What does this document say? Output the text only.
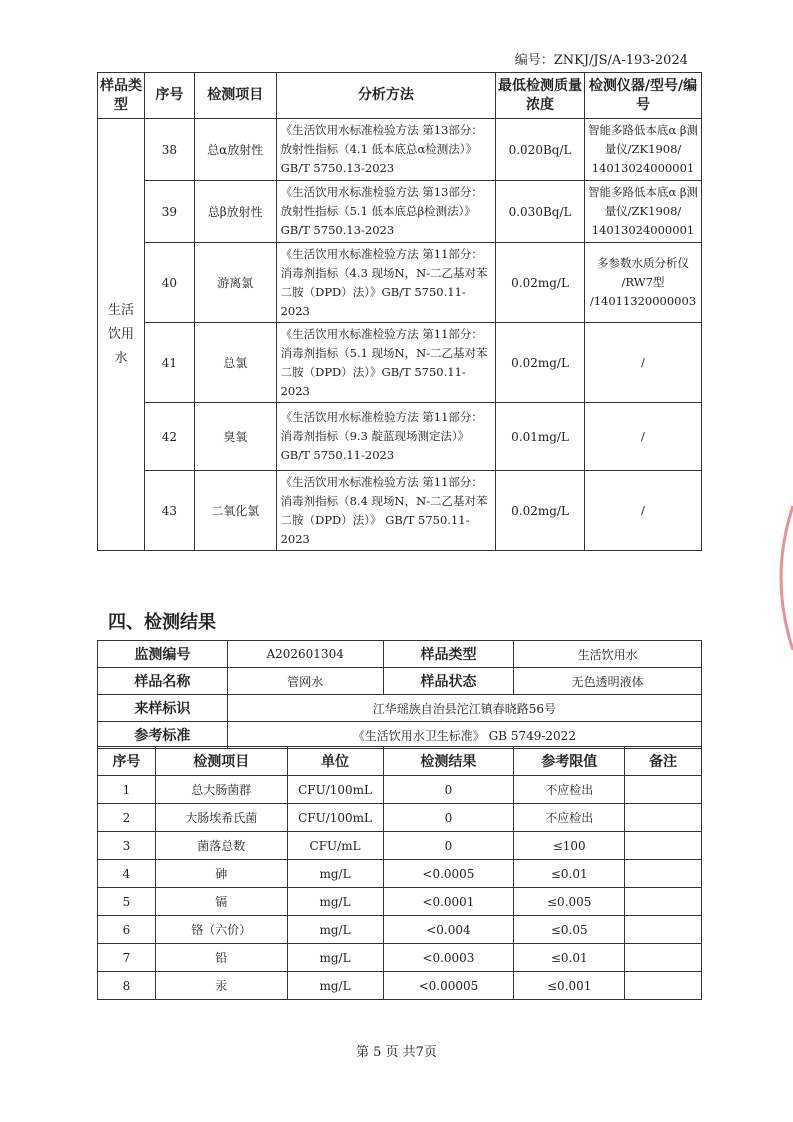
编号：ZNKJ/JS/A-193-2024
样品类型	序号	检测项目	分析方法	最低检测质量浓度	检测仪器/型号/编号
生活饮用水	38	总α放射性	《生活饮用水标准检验方法 第13部分：放射性指标（4.1 低本底总α检测法）》GB/T 5750.13-2023	0.020Bq/L	智能多路低本底α β测量仪/ZK1908/ 14013024000001
	39	总β放射性	《生活饮用水标准检验方法 第13部分：放射性指标（5.1 低本底总β检测法）》GB/T 5750.13-2023	0.030Bq/L	智能多路低本底α β测量仪/ZK1908/ 14013024000001
	40	游离氯	《生活饮用水标准检验方法 第11部分：消毒剂指标（4.3 现场N，N-二乙基对苯二胺（DPD）法）》GB/T 5750.11-2023	0.02mg/L	多参数水质分析仪 /RW7型 /14011320000003
	41	总氯	《生活饮用水标准检验方法 第11部分：消毒剂指标（5.1 现场N，N-二乙基对苯二胺（DPD）法）》GB/T 5750.11-2023	0.02mg/L	/
	42	臭氧	《生活饮用水标准检验方法 第11部分：消毒剂指标（9.3 靛蓝现场测定法）》GB/T 5750.11-2023	0.01mg/L	/
	43	二氧化氯	《生活饮用水标准检验方法 第11部分：消毒剂指标（8.4 现场N，N-二乙基对苯二胺（DPD）法）》 GB/T 5750.11-2023	0.02mg/L	/
四、检测结果
监测编号	A202601304	样品类型	生活饮用水
样品名称	管网水	样品状态	无色透明液体
来样标识	江华瑶族自治县沱江镇春晓路56号		
参考标准	《生活饮用水卫生标准》 GB 5749-2022		
序号	检测项目	单位	检测结果	参考限值	备注
1	总大肠菌群	CFU/100mL	0	不应检出	
2	大肠埃希氏菌	CFU/100mL	0	不应检出	
3	菌落总数	CFU/mL	0	≤100	
4	砷	mg/L	<0.0005	≤0.01	
5	镉	mg/L	<0.0001	≤0.005	
6	铬（六价）	mg/L	<0.004	≤0.05	
7	铅	mg/L	<0.0003	≤0.01	
8	汞	mg/L	<0.00005	≤0.001	
第 5 页 共7页
